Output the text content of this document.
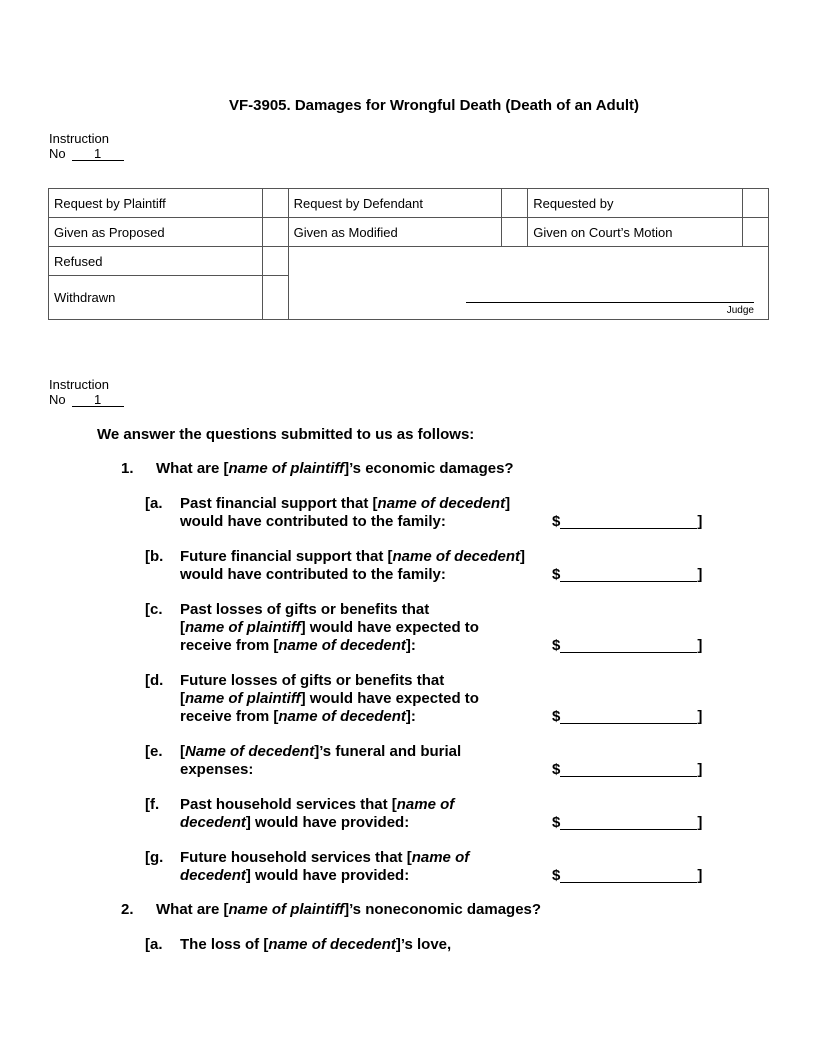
VF-3905. Damages for Wrongful Death (Death of an Adult)
Instruction
No 1
Request by Plaintiff		Request by Defendant		Requested by	
Given as Proposed		Given as Modified		Given on Court’s Motion	
Refused		Judge			

Withdrawn					
Instruction
No 1
We answer the questions submitted to us as follows:
1. What are [name of plaintiff]’s economic damages?
[a. Past financial support that [name of decedent]
would have contributed to the family:	$	]
[b. Future financial support that [name of decedent]
would have contributed to the family:	$	]
[c. Past losses of gifts or benefits that
[name of plaintiff] would have expected to
receive from [name of decedent]:	$	]
[d. Future losses of gifts or benefits that
[name of plaintiff] would have expected to
receive from [name of decedent]:	$	]
[e. [Name of decedent]’s funeral and burial
expenses:	$	]
[f. Past household services that [name of
decedent] would have provided:	$	]
[g. Future household services that [name of
decedent] would have provided:	$	]
2. What are [name of plaintiff]’s noneconomic damages?
[a. The loss of [name of decedent]’s love,
